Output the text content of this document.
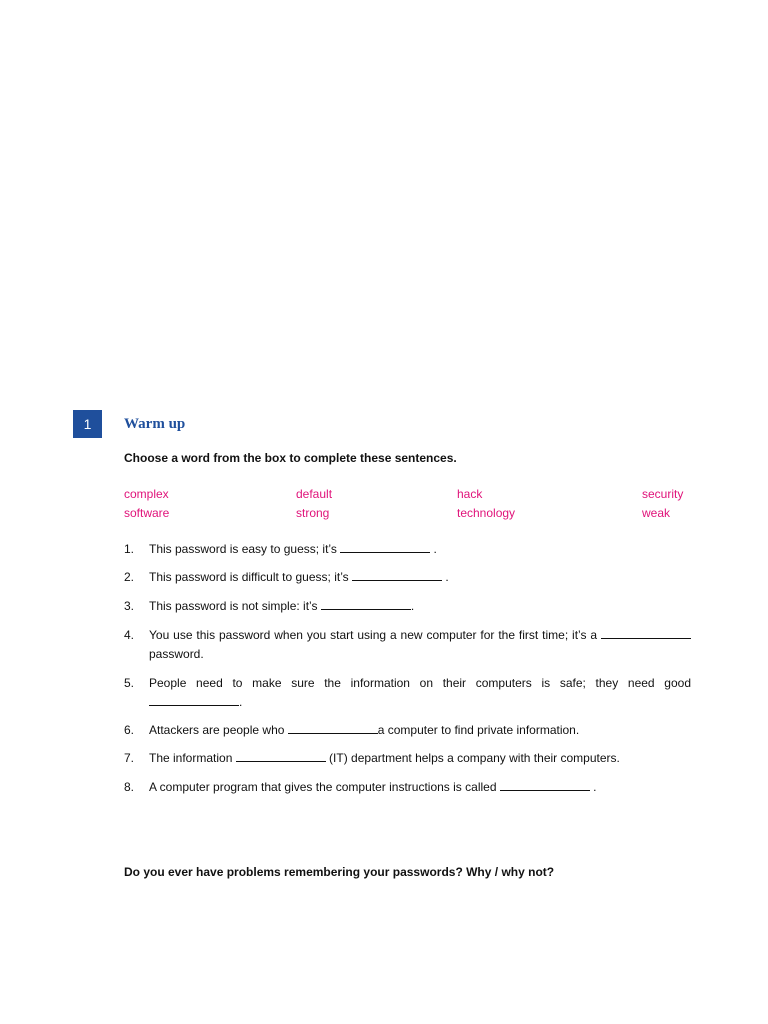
1	Warm up
Choose a word from the box to complete these sentences.
complex	default	hack	security
software	strong	technology	weak
1.	This password is easy to guess; it’s	.
2.	This password is difficult to guess; it’s	.
3.	This password is not simple: it’s	.
4.	You use this password when you start using a new computer for the first time; it’s a password.
5.	People need to make sure the information on their computers is safe; they need good .
6.	Attackers are people who	a computer to find private information.
7.	The information	(IT) department helps a company with their computers.
8.	A computer program that gives the computer instructions is called	.
Do you ever have problems remembering your passwords? Why / why not?
